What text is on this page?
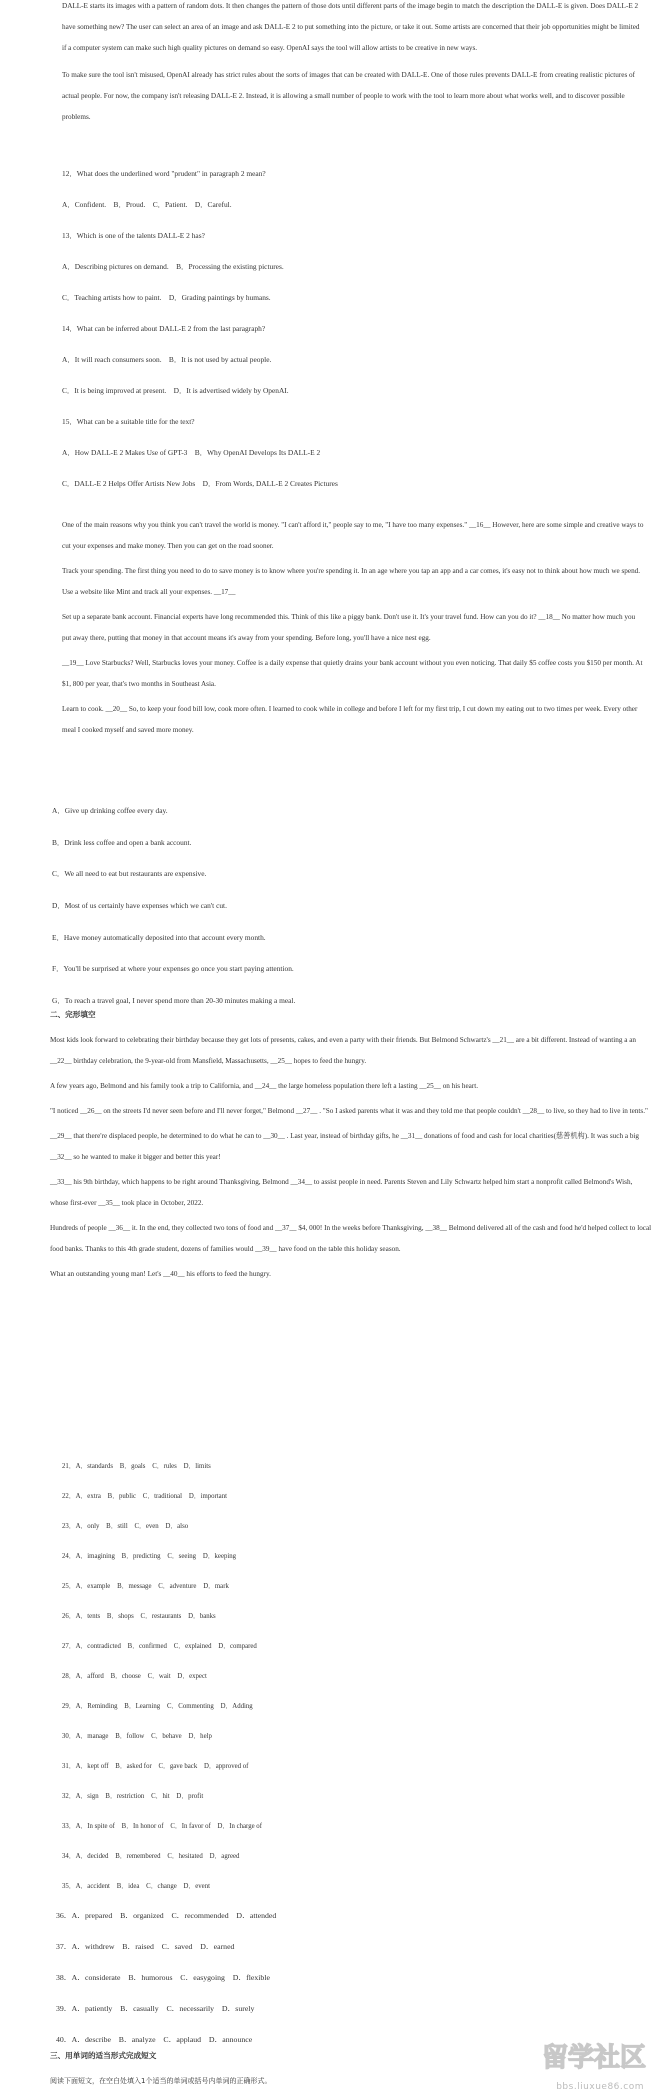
DALL-E starts its images with a pattern of random dots. It then changes the pattern of those dots until different parts of the image begin to match the description the DALL-E is given. Does DALL-E 2 have something new? The user can select an area of an image and ask DALL-E 2 to put something into the picture, or take it out. Some artists are concerned that their job opportunities might be limited if a computer system can make such high quality pictures on demand so easy. OpenAI says the tool will allow artists to be creative in new ways.

To make sure the tool isn't misused, OpenAI already has strict rules about the sorts of images that can be created with DALL-E. One of those rules prevents DALL-E from creating realistic pictures of actual people. For now, the company isn't releasing DALL-E 2. Instead, it is allowing a small number of people to work with the tool to learn more about what works well, and to discover possible problems.

12．What does the underlined word "prudent" in paragraph 2 mean?

A．Confident.　B．Proud.　C．Patient.　D．Careful.

13．Which is one of the talents DALL-E 2 has?

A．Describing pictures on demand.　B．Processing the existing pictures.

C．Teaching artists how to paint.　D．Grading paintings by humans.

14．What can be inferred about DALL-E 2 from the last paragraph?

A．It will reach consumers soon.　B．It is not used by actual people.

C．It is being improved at present.　D．It is advertised widely by OpenAI.

15．What can be a suitable title for the text?

A．How DALL-E 2 Makes Use of GPT-3　B．Why OpenAI Develops Its DALL-E 2

C．DALL-E 2 Helps Offer Artists New Jobs　D．From Words, DALL-E 2 Creates Pictures

One of the main reasons why you think you can't travel the world is money. "I can't afford it," people say to me, "I have too many expenses." __16__ However, here are some simple and creative ways to cut your expenses and make money. Then you can get on the road sooner.

Track your spending. The first thing you need to do to save money is to know where you're spending it. In an age where you tap an app and a car comes, it's easy not to think about how much we spend. Use a website like Mint and track all your expenses. __17__

Set up a separate bank account. Financial experts have long recommended this. Think of this like a piggy bank. Don't use it. It's your travel fund. How can you do it? __18__ No matter how much you put away there, putting that money in that account means it's away from your spending. Before long, you'll have a nice nest egg.

__19__ Love Starbucks? Well, Starbucks loves your money. Coffee is a daily expense that quietly drains your bank account without you even noticing. That daily $5 coffee costs you $150 per month. At $1, 800 per year, that's two months in Southeast Asia.

Learn to cook. __20__ So, to keep your food bill low, cook more often. I learned to cook while in college and before I left for my first trip, I cut down my eating out to two times per week. Every other meal I cooked myself and saved more money.

A．Give up drinking coffee every day.

B．Drink less coffee and open a bank account.

C．We all need to eat but restaurants are expensive.

D．Most of us certainly have expenses which we can't cut.

E．Have money automatically deposited into that account every month.

F．You'll be surprised at where your expenses go once you start paying attention.

G．To reach a travel goal, I never spend more than 20-30 minutes making a meal.

二、完形填空

Most kids look forward to celebrating their birthday because they get lots of presents, cakes, and even a party with their friends. But Belmond Schwartz's __21__ are a bit different. Instead of wanting a an __22__ birthday celebration, the 9-year-old from Mansfield, Massachusetts, __25__ hopes to feed the hungry.

A few years ago, Belmond and his family took a trip to California, and __24__ the large homeless population there left a lasting __25__ on his heart.

"I noticed __26__ on the streets I'd never seen before and I'll never forget," Belmond __27__ . "So I asked parents what it was and they told me that people couldn't __28__ to live, so they had to live in tents."

__29__ that there're displaced people, he determined to do what he can to __30__ . Last year, instead of birthday gifts, he __31__ donations of food and cash for local charities(慈善机构). It was such a big __32__ so he wanted to make it bigger and better this year!

__33__ his 9th birthday, which happens to be right around Thanksgiving, Belmond __34__ to assist people in need. Parents Steven and Lily Schwartz helped him start a nonprofit called Belmond's Wish, whose first-ever __35__ took place in October, 2022.

Hundreds of people __36__ it. In the end, they collected two tons of food and __37__ $4, 000! In the weeks before Thanksgiving, __38__ Belmond delivered all of the cash and food he'd helped collect to local food banks. Thanks to this 4th grade student, dozens of families would __39__ have food on the table this holiday season.

What an outstanding young man! Let's __40__ his efforts to feed the hungry.

21．A．standards　B．goals　C．rules　D．limits

22．A．extra　B．public　C．traditional　D．important

23．A．only　B．still　C．even　D．also

24．A．imagining　B．predicting　C．seeing　D．keeping

25．A．example　B．message　C．adventure　D．mark

26．A．tents　B．shops　C．restaurants　D．banks

27．A．contradicted　B．confirmed　C．explained　D．compared

28．A．afford　B．choose　C．wait　D．expect

29．A．Reminding　B．Learning　C．Commenting　D．Adding

30．A．manage　B．follow　C．behave　D．help

31．A．kept off　B．asked for　C．gave back　D．approved of

32．A．sign　B．restriction　C．hit　D．profit

33．A．In spite of　B．In honor of　C．In favor of　D．In charge of

34．A．decided　B．remembered　C．hesitated　D．agreed

35．A．accident　B．idea　C．change　D．event

36．A．prepared　B．organized　C．recommended　D．attended

37．A．withdrew　B．raised　C．saved　D．earned

38．A．considerate　B．humorous　C．easygoing　D．flexible

39．A．patiently　B．casually　C．necessarily　D．surely

40．A．describe　B．analyze　C．applaud　D．announce

三、用单词的适当形式完成短文

阅读下面短文，在空白处填入1个适当的单词或括号内单词的正确形式。

留学社区
bbs.liuxue86.com
